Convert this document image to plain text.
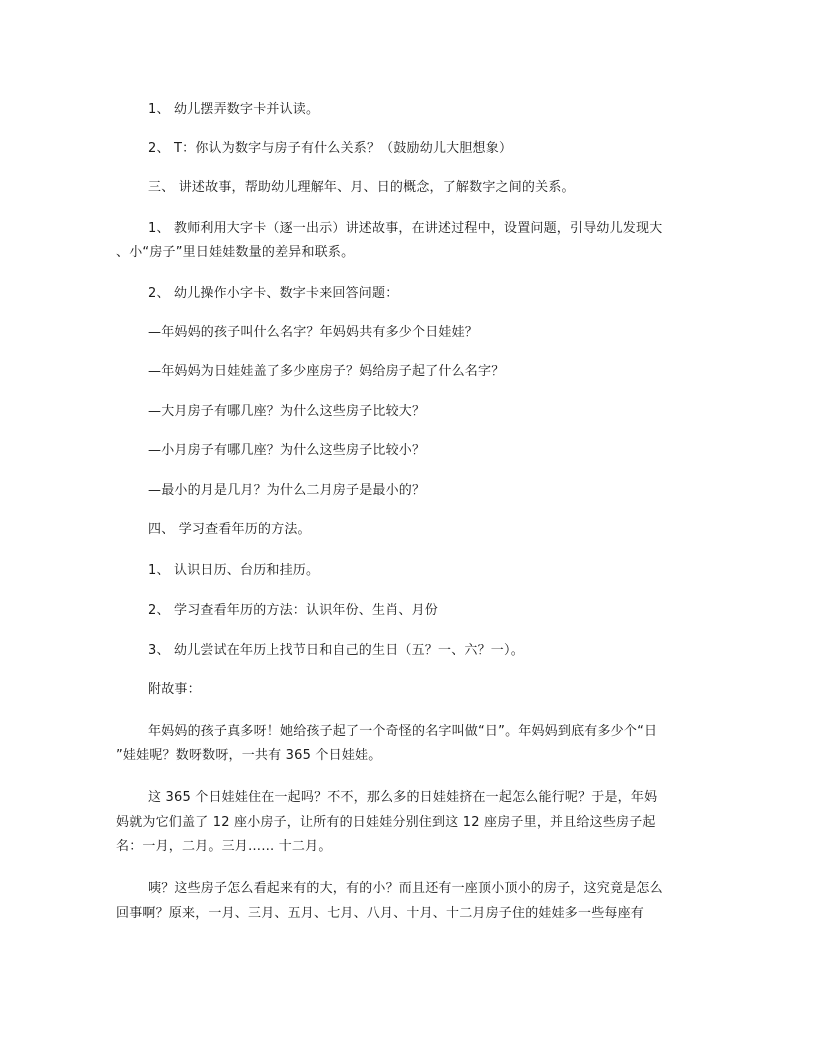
1、 幼儿摆弄数字卡并认读。
2、 T：你认为数字与房子有什么关系？（鼓励幼儿大胆想象）
三、 讲述故事，帮助幼儿理解年、月、日的概念，了解数字之间的关系。
1、 教师利用大字卡（逐一出示）讲述故事，在讲述过程中，设置问题，引导幼儿发现大
、小“房子”里日娃娃数量的差异和联系。
2、 幼儿操作小字卡、数字卡来回答问题：
—年妈妈的孩子叫什么名字？年妈妈共有多少个日娃娃？
—年妈妈为日娃娃盖了多少座房子？妈给房子起了什么名字？
—大月房子有哪几座？为什么这些房子比较大？
—小月房子有哪几座？为什么这些房子比较小？
—最小的月是几月？为什么二月房子是最小的？
四、 学习查看年历的方法。
1、 认识日历、台历和挂历。
2、 学习查看年历的方法：认识年份、生肖、月份
3、 幼儿尝试在年历上找节日和自己的生日（五？一、六？一）。
附故事：
年妈妈的孩子真多呀！她给孩子起了一个奇怪的名字叫做“日”。年妈妈到底有多少个“日
”娃娃呢？数呀数呀，一共有 365 个日娃娃。
这 365 个日娃娃住在一起吗？不不，那么多的日娃娃挤在一起怎么能行呢？于是，年妈
妈就为它们盖了 12 座小房子，让所有的日娃娃分别住到这 12 座房子里，并且给这些房子起
名：一月，二月。三月…… 十二月。
咦？这些房子怎么看起来有的大，有的小？而且还有一座顶小顶小的房子，这究竟是怎么
回事啊？原来，一月、三月、五月、七月、八月、十月、十二月房子住的娃娃多一些每座有
